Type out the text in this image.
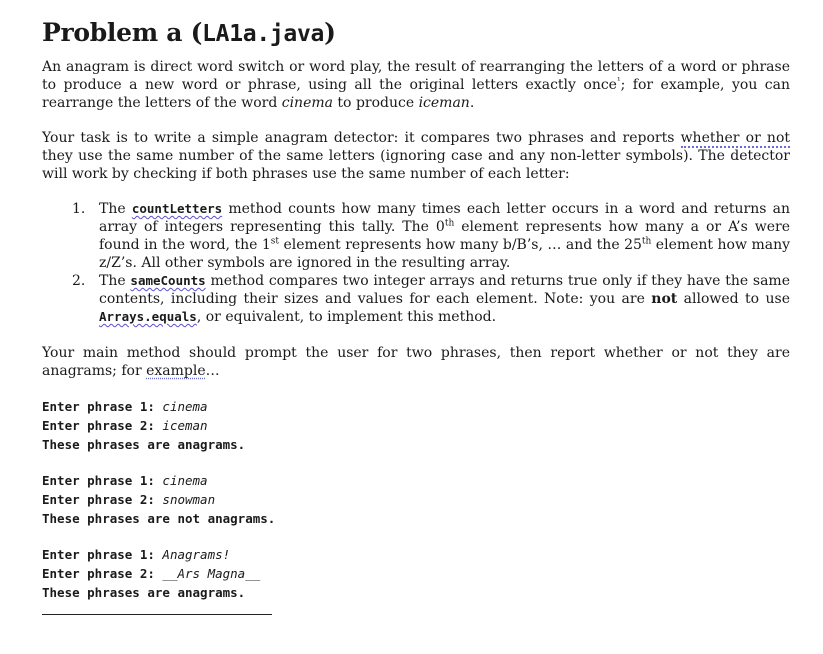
Problem a (LA1a.java)

An anagram is direct word switch or word play, the result of rearranging the letters of a word or phrase to produce a new word or phrase, using all the original letters exactly once$^{^1}$; for example, you can rearrange the letters of the word cinema to produce iceman.

Your task is to write a simple anagram detector: it compares two phrases and reports whether or not they use the same number of the same letters (ignoring case and any non-letter symbols). The detector will work by checking if both phrases use the same number of each letter:

1. The countLetters method counts how many times each letter occurs in a word and returns an array of integers representing this tally. The 0th element represents how many a or A’s were found in the word, the 1st element represents how many b/B’s, … and the 25th element how many z/Z’s. All other symbols are ignored in the resulting array.
2. The sameCounts method compares two integer arrays and returns true only if they have the same contents, including their sizes and values for each element. Note: you are not allowed to use Arrays.equals, or equivalent, to implement this method.

Your main method should prompt the user for two phrases, then report whether or not they are anagrams; for example…

Enter phrase 1: cinema
Enter phrase 2: iceman
These phrases are anagrams.
Enter phrase 1: cinema
Enter phrase 2: snowman
These phrases are not anagrams.
Enter phrase 1: Anagrams!
Enter phrase 2: __Ars Magna__
These phrases are anagrams.
